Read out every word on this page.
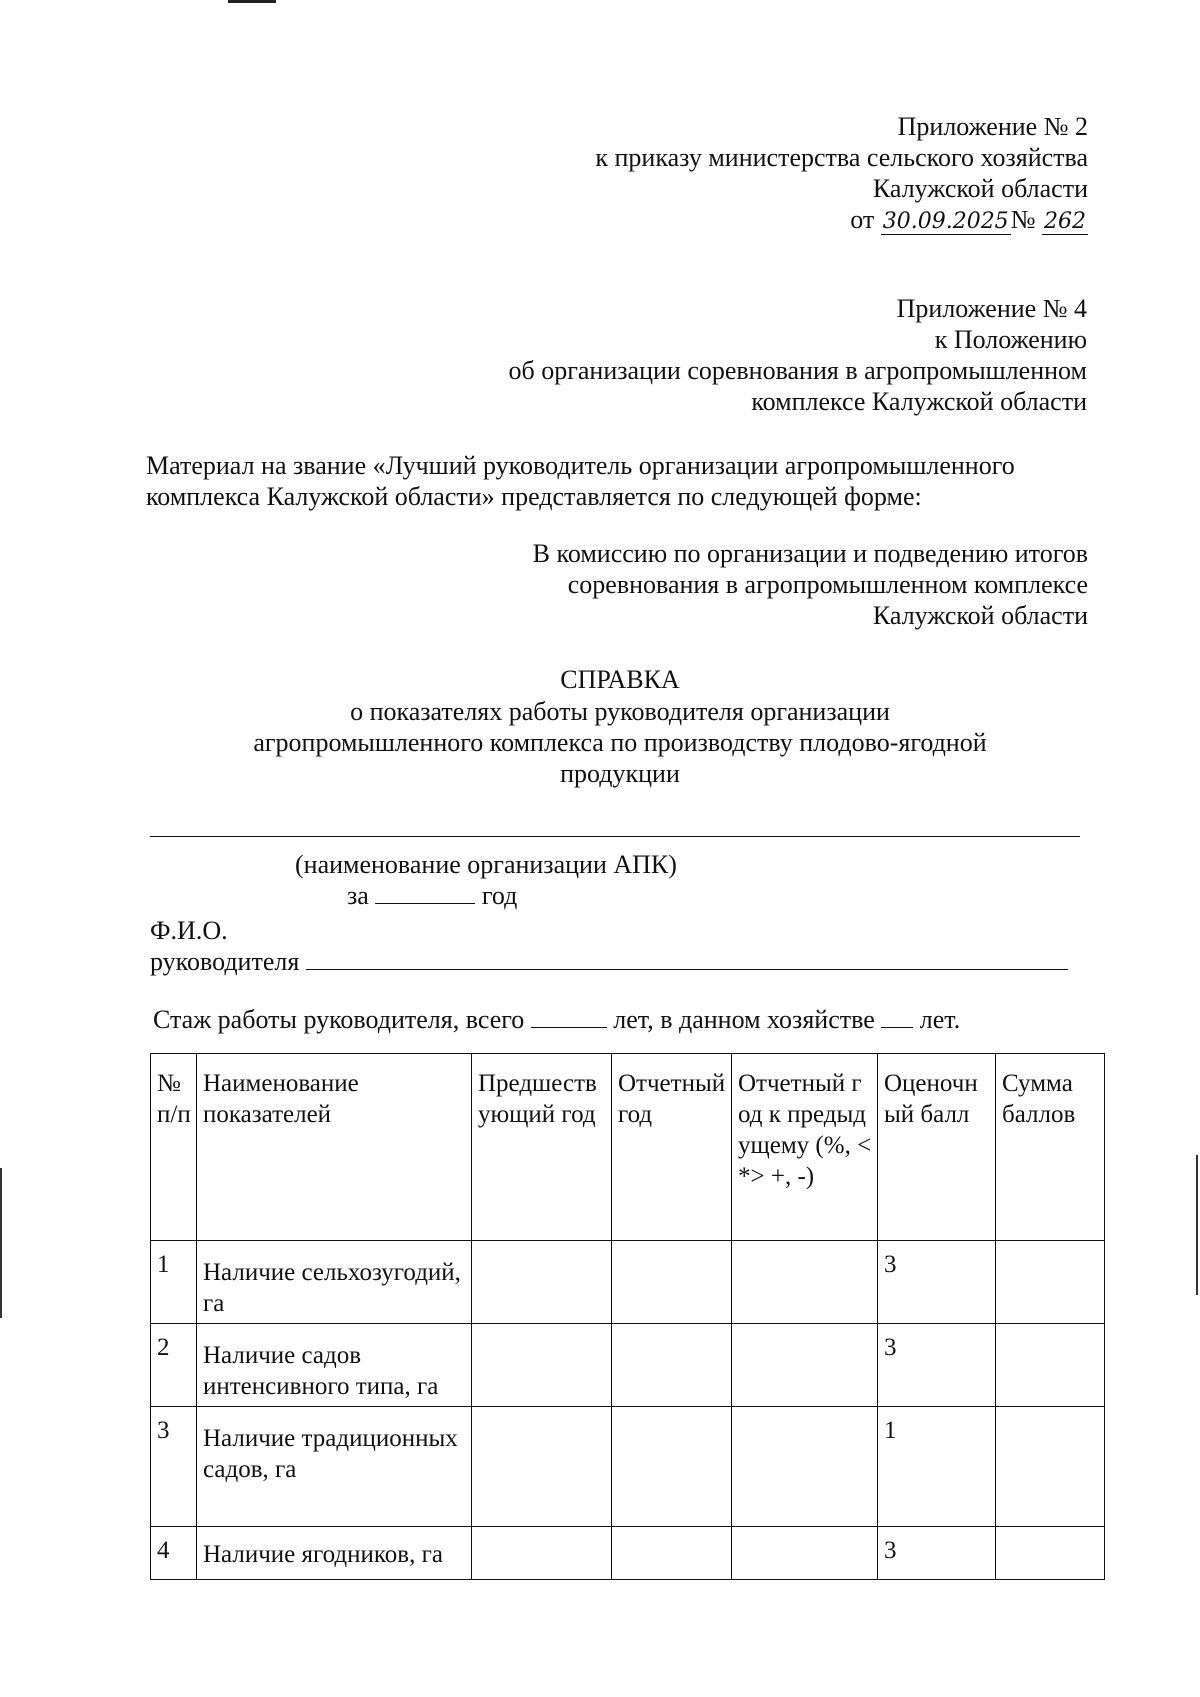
Приложение № 2
к приказу министерства сельского хозяйства
Калужской области
от 30.09.2025№ 262
Приложение № 4
к Положению
об организации соревнования в агропромышленном
комплексе Калужской области
Материал на звание «Лучший руководитель организации агропромышленного
комплекса Калужской области» представляется по следующей форме:
В комиссию по организации и подведению итогов
соревнования в агропромышленном комплексе
Калужской области
СПРАВКА
о показателях работы руководителя организации
агропромышленного комплекса по производству плодово-ягодной
продукции
(наименование организации АПК)
за	год
Ф.И.О.
руководителя
Стаж работы руководителя, всего	лет, в данном хозяйстве лет.
№ п/п	Наименование показателей	Предшествующий год	Отчетный год	Отчетный год к предыдущему (%, <*> +, -)	Оценочный балл	Сумма баллов
1	Наличие сельхозугодий, га				3	
2	Наличие садов интенсивного типа, га				3	
3	Наличие традиционных садов, га				1	
4	Наличие ягодников, га				3	
